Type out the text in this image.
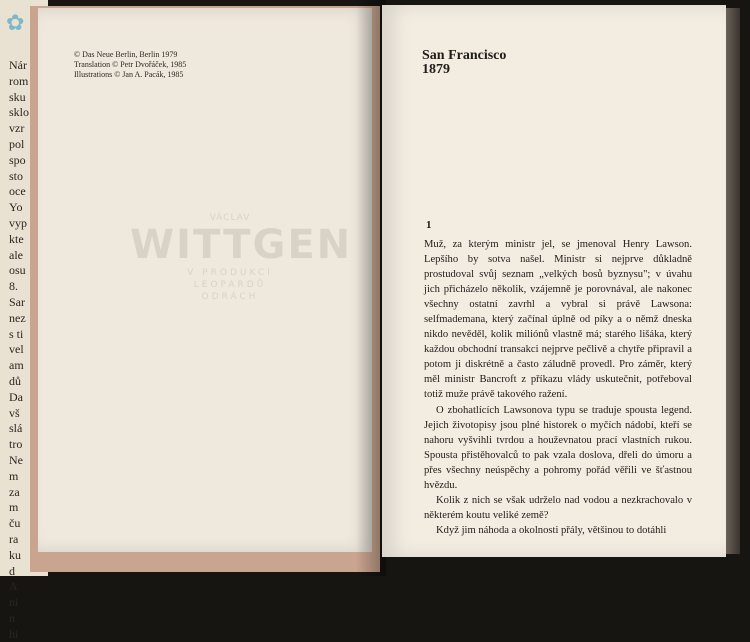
✿
Nár
rom
sku
sklo
vzr
pol
spo
sto
oce
Yo
vyp
kte
ale
osu
8.
Sar
nez
s ti
vel
am
dů
Da
vš
slá
tro
Ne
m
za
m
ču
ra
ku
d
A
ni
n
hi
© Das Neue Berlin, Berlin 1979
Translation © Petr Dvořáček, 1985
Illustrations © Jan A. Pacák, 1985
VÁCLAV
WITTGEN
V PRODUKCI
LEOPARDŮ
ODRÁCH
San Francisco
1879
1

Muž, za kterým ministr jel, se jmenoval Henry Lawson. Lepšího by sotva našel. Ministr si nejprve důkladně prostudoval svůj seznam „velkých bosů byznysu"; v úvahu jich přicházelo několik, vzájemně je porovnával, ale nakonec všechny ostatní zavrhl a vybral si právě Lawsona: selfmademana, který začínal úplně od píky a o němž dneska nikdo nevěděl, kolik miliónů vlastně má; starého lišáka, který každou obchodní transakci nejprve pečlivě a chytře připravil a potom ji diskrétně a často záludně provedl. Pro záměr, který měl ministr Bancroft z příkazu vlády uskutečnit, potřeboval totiž muže právě takového ražení.

O zbohatlících Lawsonova typu se traduje spousta legend. Jejich životopisy jsou plné historek o myčích nádobí, kteří se nahoru vyšvihli tvrdou a houževnatou prací vlastních rukou. Spousta přistěhovalců to pak vzala doslova, dřeli do úmoru a přes všechny neúspěchy a pohromy pořád věřili ve šťastnou hvězdu.

Kolik z nich se však udrželo nad vodou a nezkrachovalo v některém koutu veliké země?

Když jim náhoda a okolnosti přály, většinou to dotáhli
